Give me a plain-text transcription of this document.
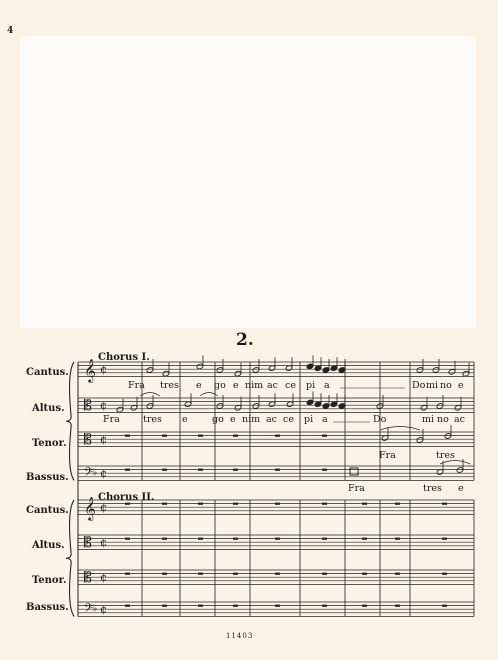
4
2.
𝄞
𝄞
𝄡
𝄡
𝄡
𝄡
𝄢
𝄢
¢
¢
¢
¢
¢
¢
¢
¢
♭
♭
Chorus I.
Chorus II.
Cantus.
Altus.
Tenor.
Bassus.
Cantus.
Altus.
Tenor.
Bassus.
Fra tres e go e nim ac ce pi a	Do mi no e
Fra tres e	go e nim ac ce pi a	Do	mi no ac
Fra	tres
Fra	tres e
11403
